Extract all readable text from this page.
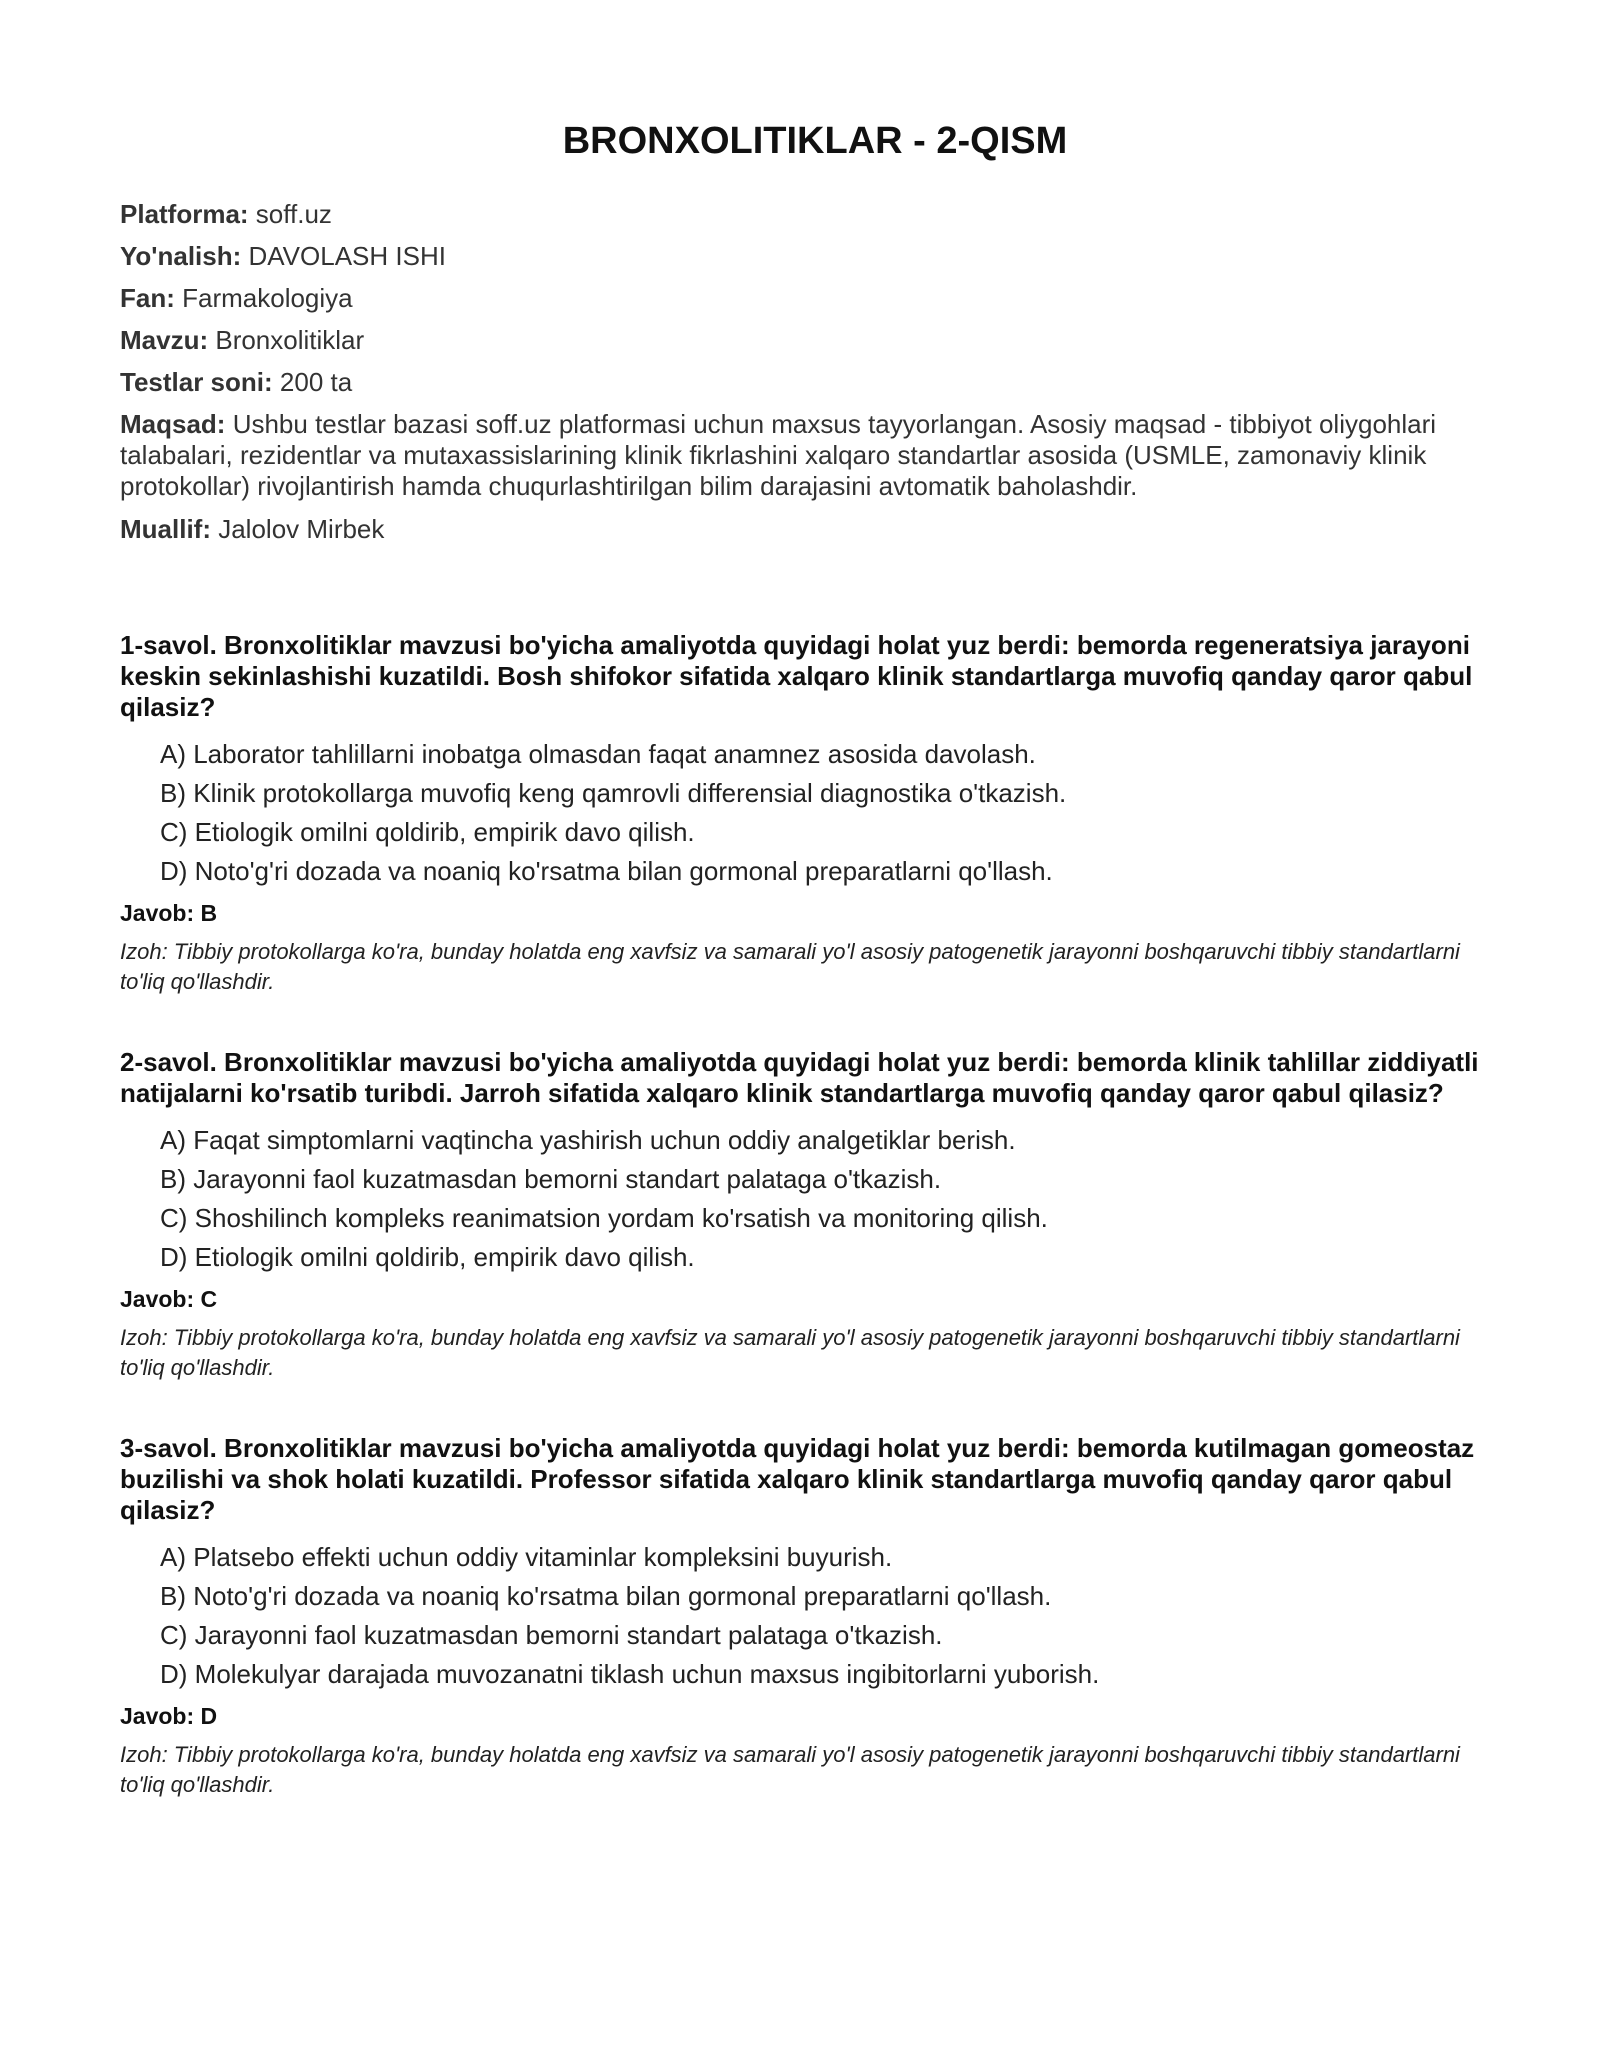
BRONXOLITIKLAR - 2-QISM

Platforma: soff.uz

Yo'nalish: DAVOLASH ISHI

Fan: Farmakologiya

Mavzu: Bronxolitiklar

Testlar soni: 200 ta

Maqsad: Ushbu testlar bazasi soff.uz platformasi uchun maxsus tayyorlangan. Asosiy maqsad - tibbiyot oliygohlari talabalari, rezidentlar va mutaxassislarining klinik fikrlashini xalqaro standartlar asosida (USMLE, zamonaviy klinik protokollar) rivojlantirish hamda chuqurlashtirilgan bilim darajasini avtomatik baholashdir.

Muallif: Jalolov Mirbek

1-savol. Bronxolitiklar mavzusi bo'yicha amaliyotda quyidagi holat yuz berdi: bemorda regeneratsiya jarayoni keskin sekinlashishi kuzatildi. Bosh shifokor sifatida xalqaro klinik standartlarga muvofiq qanday qaror qabul qilasiz?

A) Laborator tahlillarni inobatga olmasdan faqat anamnez asosida davolash.
B) Klinik protokollarga muvofiq keng qamrovli differensial diagnostika o'tkazish.
C) Etiologik omilni qoldirib, empirik davo qilish.
D) Noto'g'ri dozada va noaniq ko'rsatma bilan gormonal preparatlarni qo'llash.

Javob: B

Izoh: Tibbiy protokollarga ko'ra, bunday holatda eng xavfsiz va samarali yo'l asosiy patogenetik jarayonni boshqaruvchi tibbiy standartlarni to'liq qo'llashdir.

2-savol. Bronxolitiklar mavzusi bo'yicha amaliyotda quyidagi holat yuz berdi: bemorda klinik tahlillar ziddiyatli natijalarni ko'rsatib turibdi. Jarroh sifatida xalqaro klinik standartlarga muvofiq qanday qaror qabul qilasiz?

A) Faqat simptomlarni vaqtincha yashirish uchun oddiy analgetiklar berish.
B) Jarayonni faol kuzatmasdan bemorni standart palataga o'tkazish.
C) Shoshilinch kompleks reanimatsion yordam ko'rsatish va monitoring qilish.
D) Etiologik omilni qoldirib, empirik davo qilish.

Javob: C

Izoh: Tibbiy protokollarga ko'ra, bunday holatda eng xavfsiz va samarali yo'l asosiy patogenetik jarayonni boshqaruvchi tibbiy standartlarni to'liq qo'llashdir.

3-savol. Bronxolitiklar mavzusi bo'yicha amaliyotda quyidagi holat yuz berdi: bemorda kutilmagan gomeostaz buzilishi va shok holati kuzatildi. Professor sifatida xalqaro klinik standartlarga muvofiq qanday qaror qabul qilasiz?

A) Platsebo effekti uchun oddiy vitaminlar kompleksini buyurish.
B) Noto'g'ri dozada va noaniq ko'rsatma bilan gormonal preparatlarni qo'llash.
C) Jarayonni faol kuzatmasdan bemorni standart palataga o'tkazish.
D) Molekulyar darajada muvozanatni tiklash uchun maxsus ingibitorlarni yuborish.

Javob: D

Izoh: Tibbiy protokollarga ko'ra, bunday holatda eng xavfsiz va samarali yo'l asosiy patogenetik jarayonni boshqaruvchi tibbiy standartlarni to'liq qo'llashdir.
